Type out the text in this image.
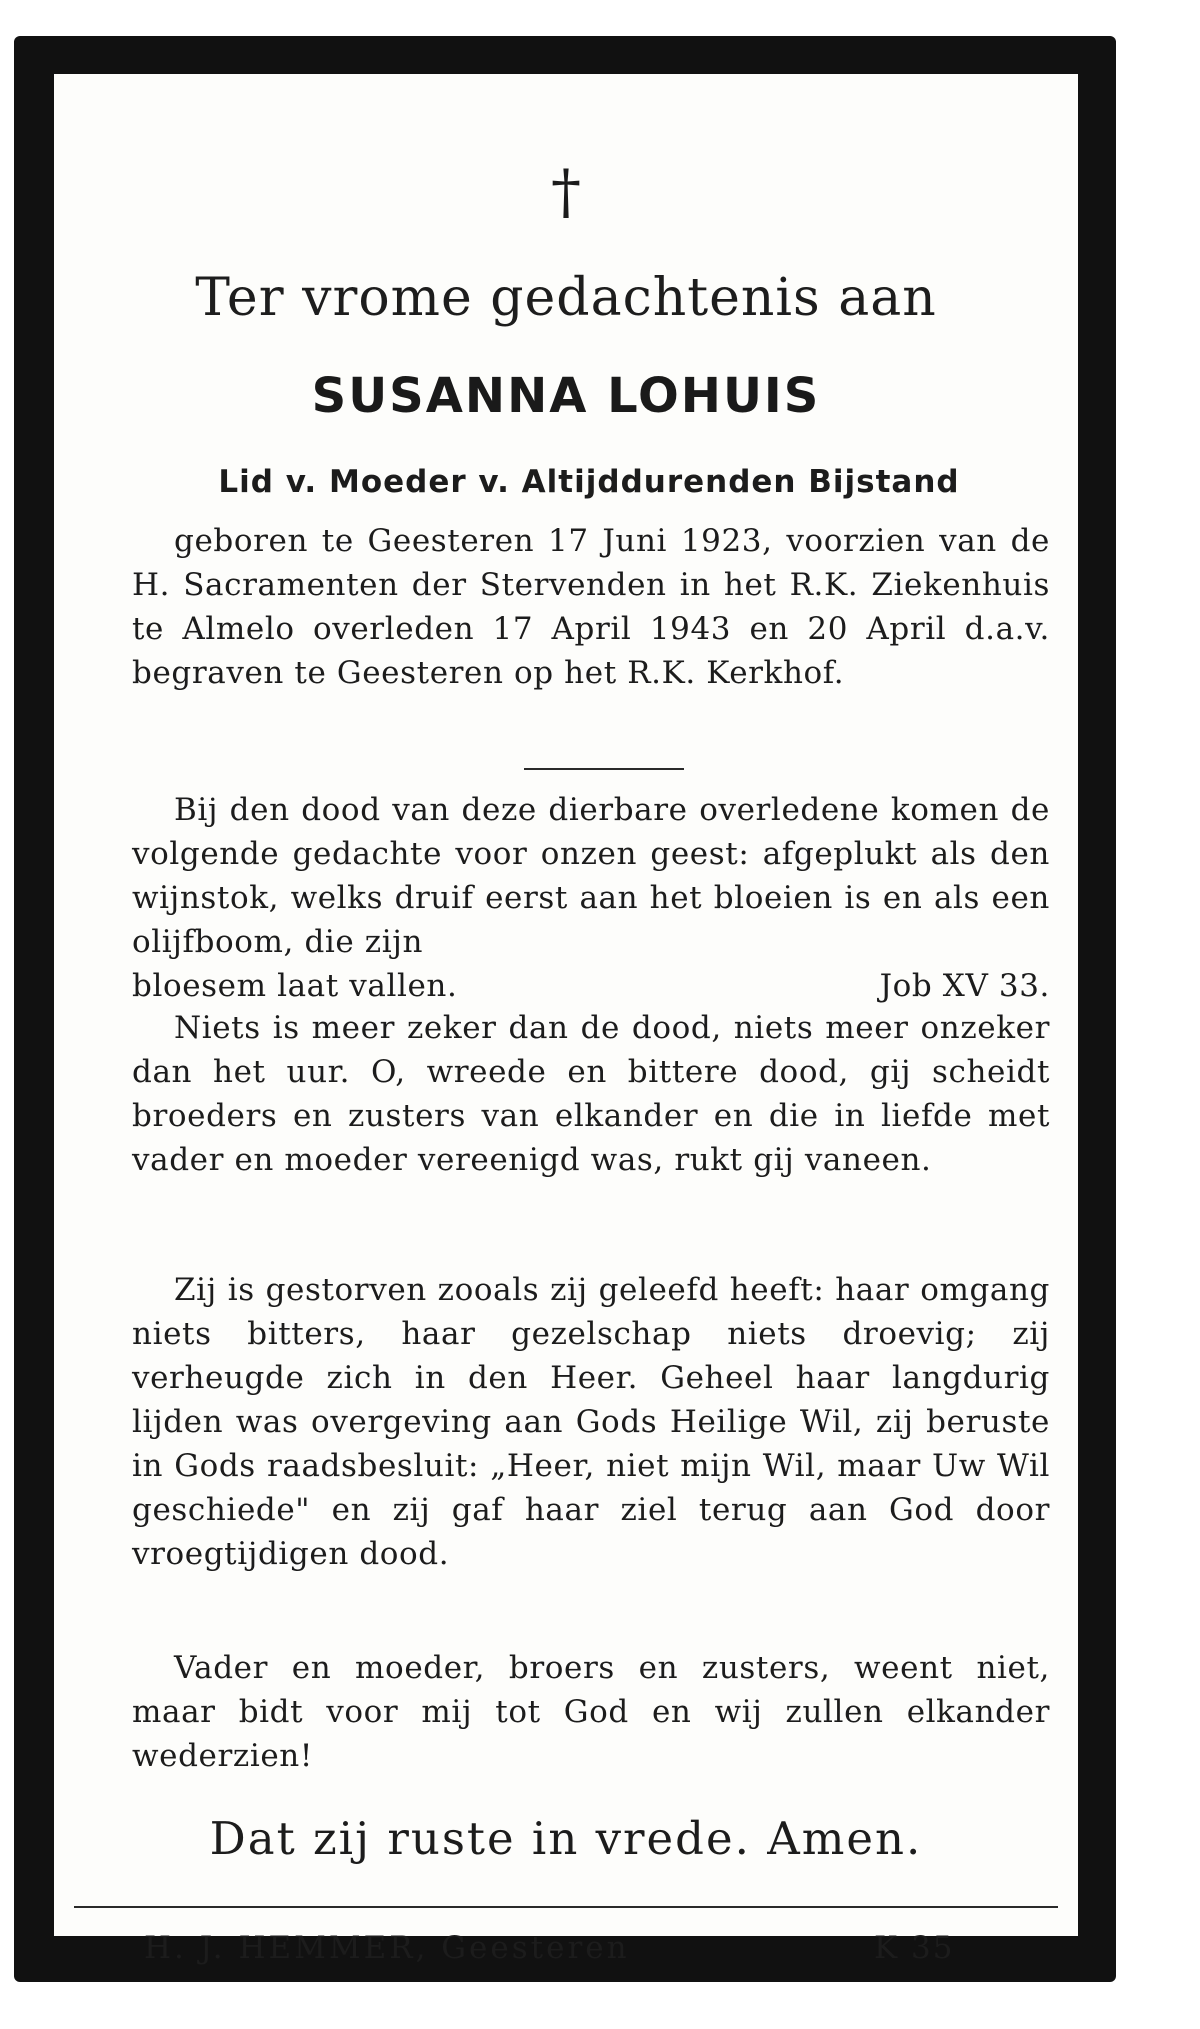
†
Ter vrome gedachtenis aan
SUSANNA LOHUIS
Lid v. Moeder v. Altijddurenden Bijstand

geboren te Geesteren 17 Juni 1923, voorzien van de H. Sacramenten der Stervenden in het R.K. Ziekenhuis te Almelo overleden 17 April 1943 en 20 April d.a.v. begraven te Geesteren op het R.K. Kerkhof.

Bij den dood van deze dierbare overledene komen de volgende gedachte voor onzen geest: afgeplukt als den wijnstok, welks druif eerst aan het bloeien is en als een olijfboom, die zijn

bloesem laat vallen.	Job XV 33.

Niets is meer zeker dan de dood, niets meer onzeker dan het uur. O, wreede en bittere dood, gij scheidt broeders en zusters van elkander en die in liefde met vader en moeder vereenigd was, rukt gij vaneen.

Zij is gestorven zooals zij geleefd heeft: haar omgang niets bitters, haar gezelschap niets droevig; zij verheugde zich in den Heer. Geheel haar langdurig lijden was overgeving aan Gods Heilige Wil, zij beruste in Gods raadsbesluit: „Heer, niet mijn Wil, maar Uw Wil geschiede" en zij gaf haar ziel terug aan God door vroegtijdigen dood.

Vader en moeder, broers en zusters, weent niet, maar bidt voor mij tot God en wij zullen elkander wederzien!

Dat zij ruste in vrede. Amen.
H. J. HEMMER, Geesteren	K 35
